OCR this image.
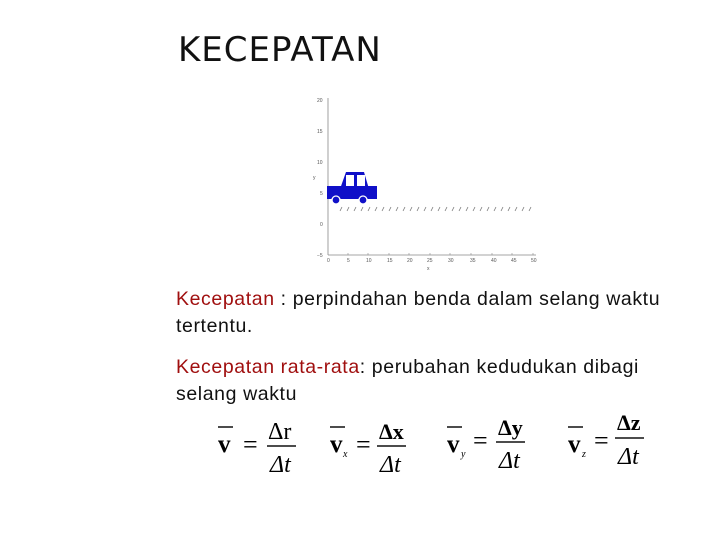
KECEPATAN
20
15
10
5
0
−5
y
0	5	10	15	20	25	30	35	40	45	50
x
Kecepatan : perpindahan benda dalam selang waktu tertentu.
Kecepatan rata-rata: perubahan kedudukan dibagi selang waktu
v = Δr
Δt
v x = Δx
Δt
v y = Δy
Δt
v z =
Δz
Δt
